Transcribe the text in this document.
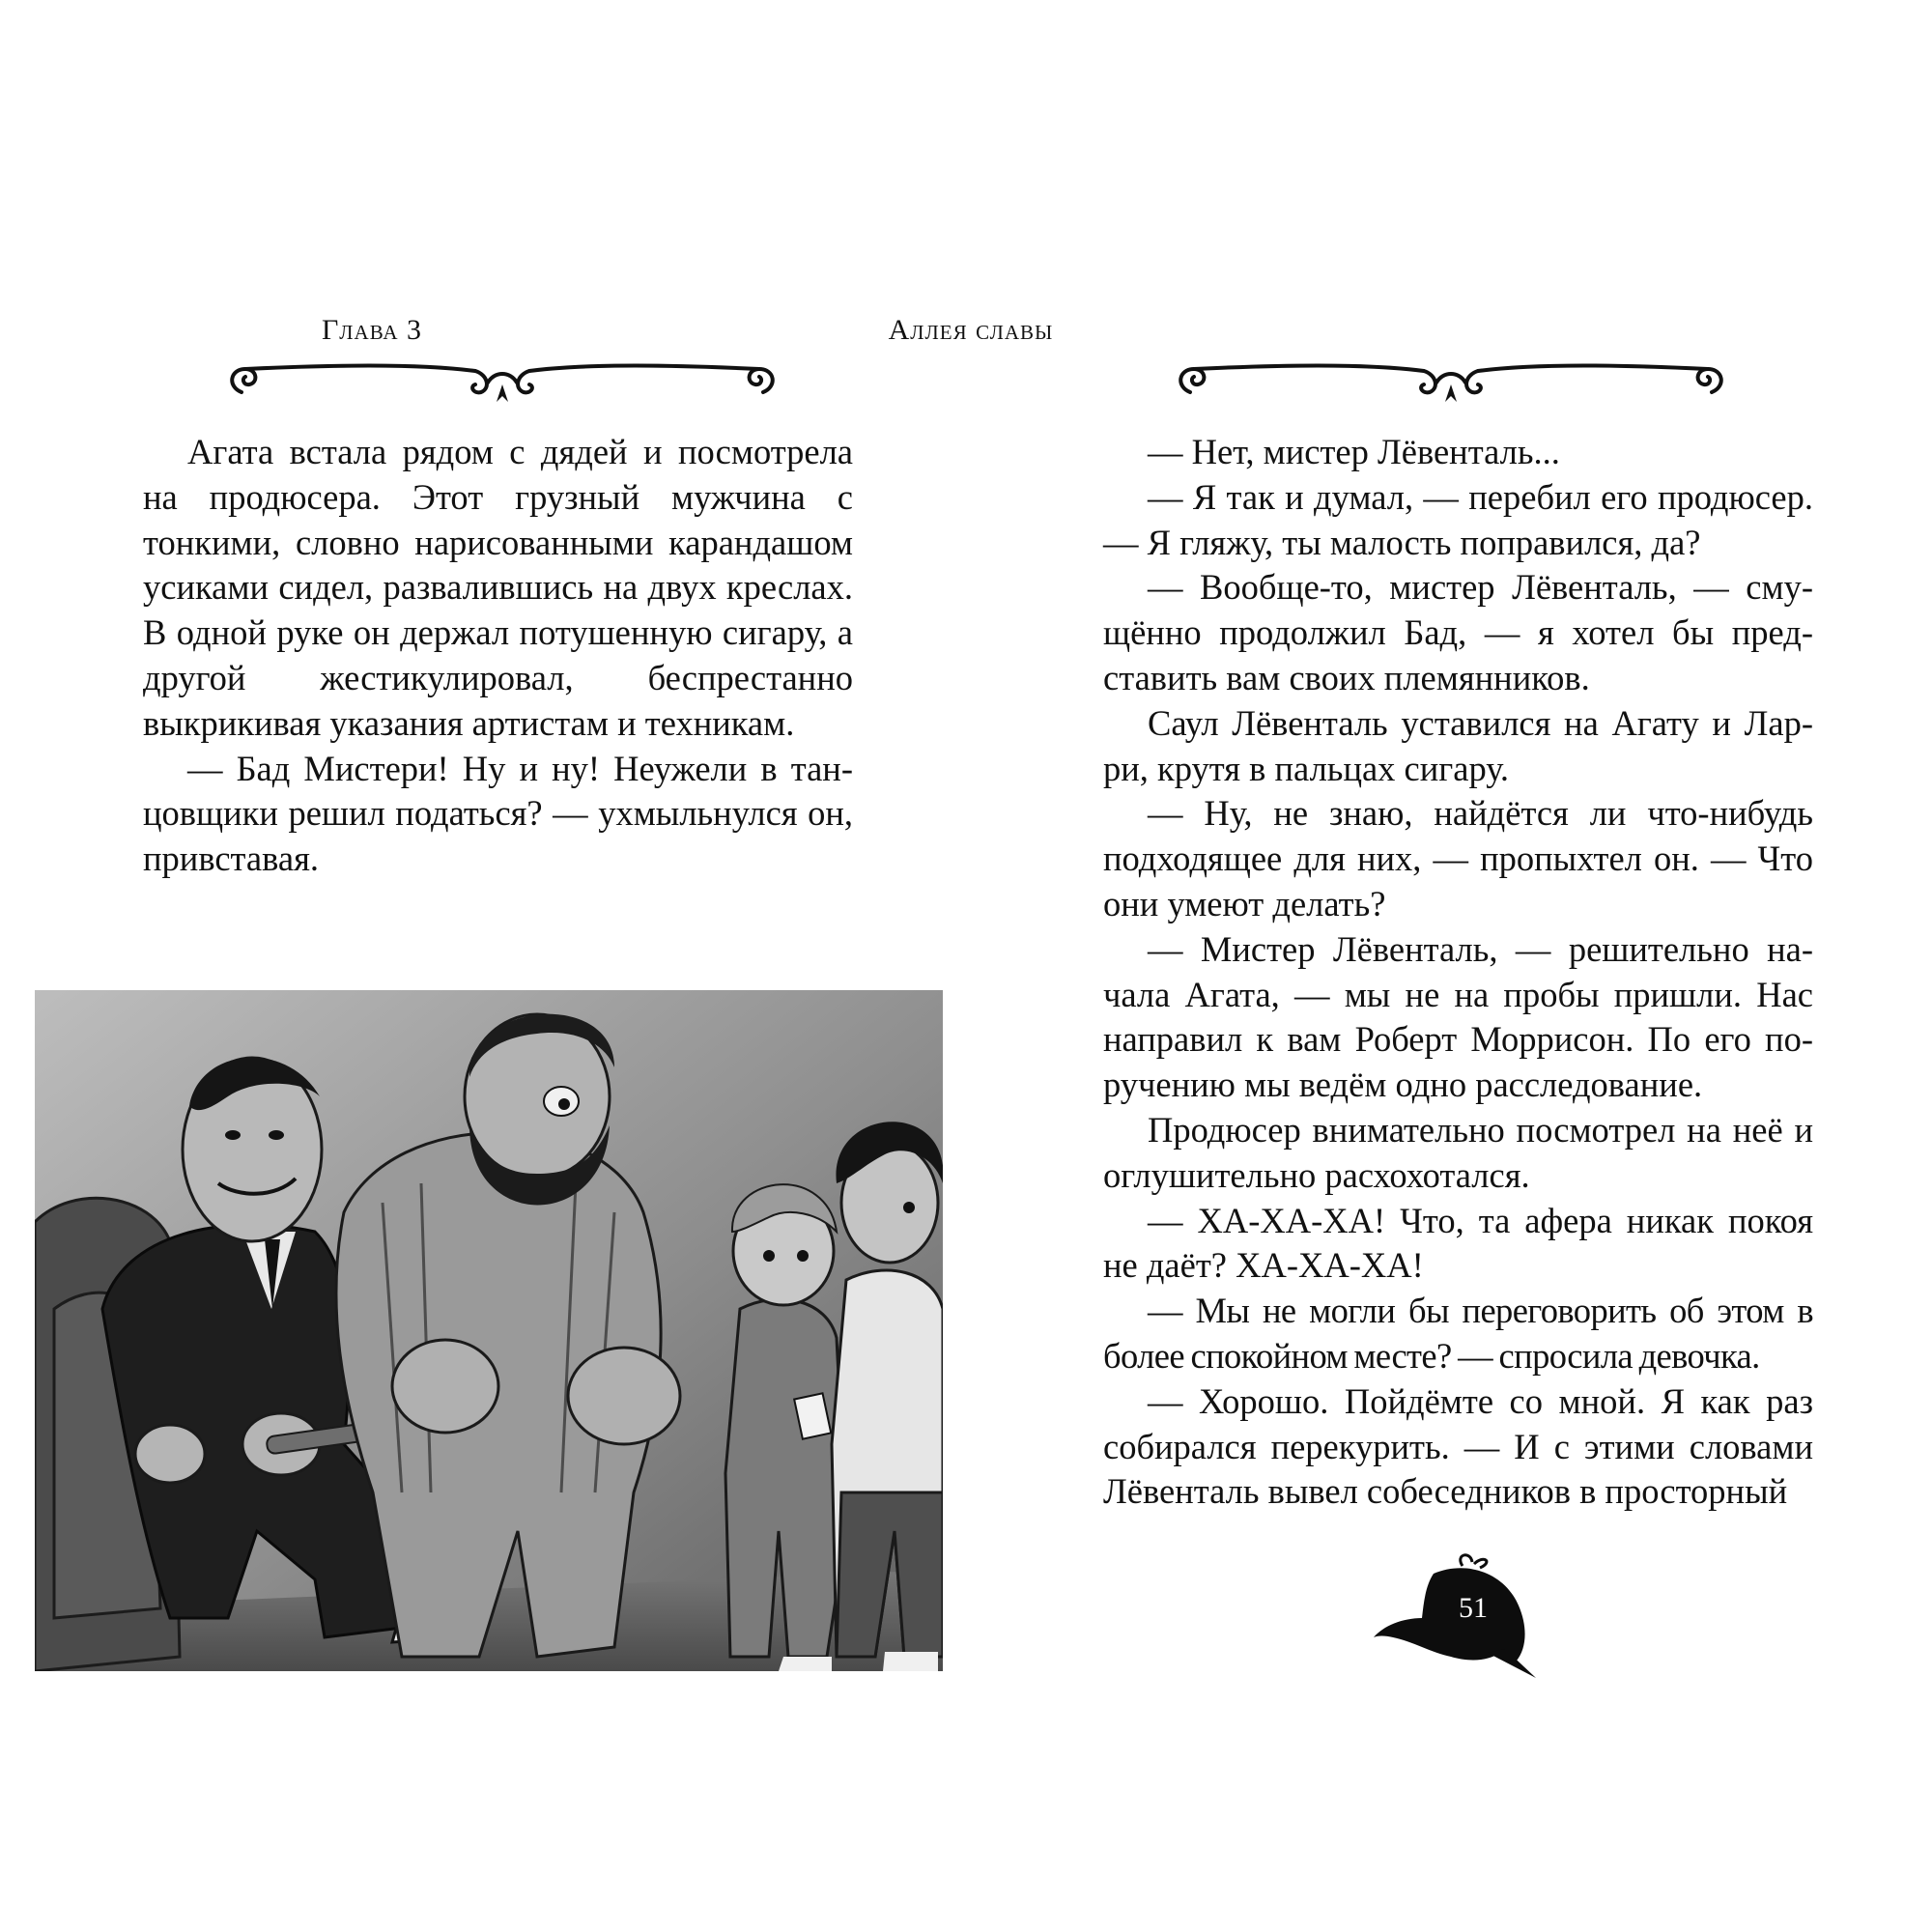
Глава 3

Агата встала рядом с дядей и посмотрела на продюсера. Этот грузный мужчина с тонкими, словно нарисованными карандашом усиками сидел, развалившись на двух креслах. В одной руке он держал потушенную сигару, а другой жестикулировал, беспрестанно выкрикивая указания артистам и техникам.

— Бад Мистери! Ну и ну! Неужели в танцовщики решил податься? — ухмыльнулся он, привставая.

Аллея славы

— Нет, мистер Лёвенталь...

— Я так и думал, — перебил его продюсер. — Я гляжу, ты малость поправился, да?

— Вообще-то, мистер Лёвенталь, — смущённо продолжил Бад, — я хотел бы представить вам своих племянников.

Саул Лёвенталь уставился на Агату и Ларри, крутя в пальцах сигару.

— Ну, не знаю, найдётся ли что-нибудь подходящее для них, — пропыхтел он. — Что они умеют делать?

— Мистер Лёвенталь, — решительно начала Агата, — мы не на пробы пришли. Нас направил к вам Роберт Моррисон. По его поручению мы ведём одно расследование.

Продюсер внимательно посмотрел на неё и оглушительно расхохотался.

— ХА-ХА-ХА! Что, та афера никак покоя не даёт? ХА-ХА-ХА!

— Мы не могли бы переговорить об этом в более спокойном месте? — спросила девочка.

— Хорошо. Пойдёмте со мной. Я как раз собирался перекурить. — И с этими словами Лёвенталь вывел собеседников в просторный

51
